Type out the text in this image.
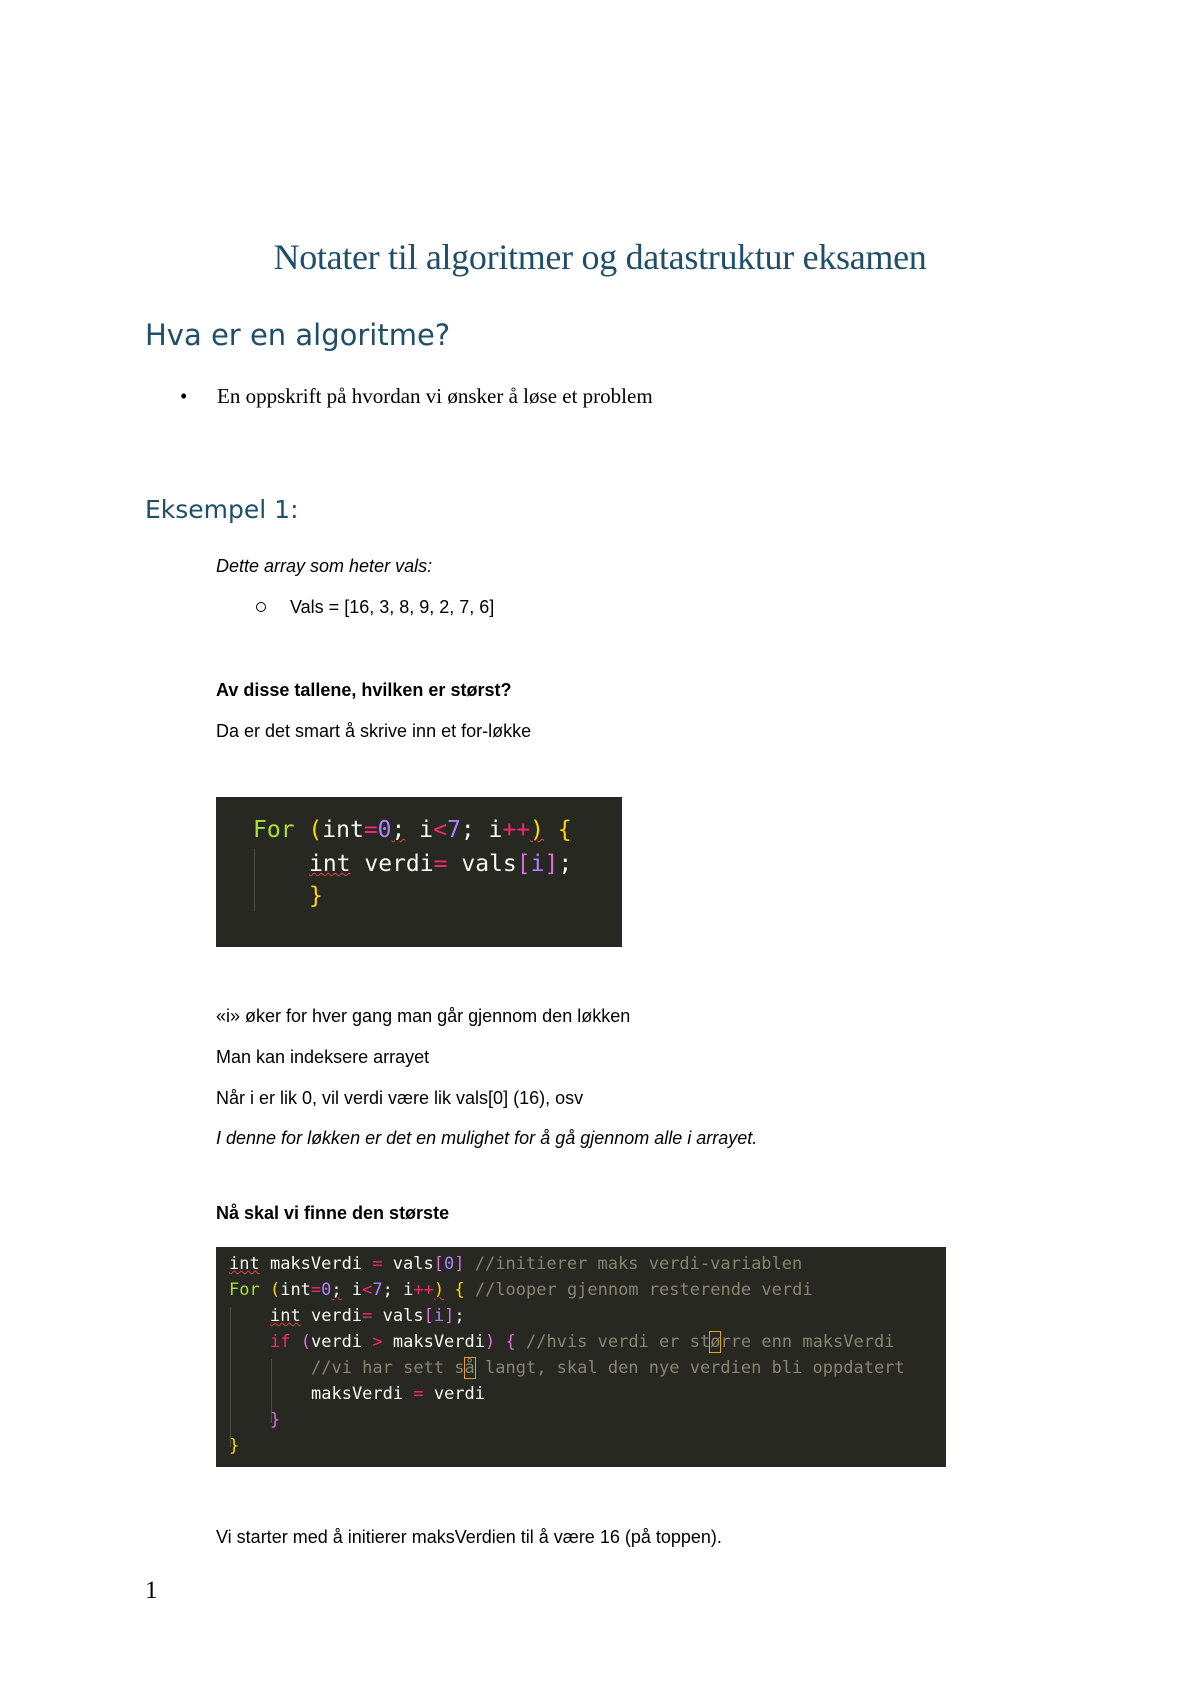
Notater til algoritmer og datastruktur eksamen
Hva er en algoritme?
• En oppskrift på hvordan vi ønsker å løse et problem
Eksempel 1:
Dette array som heter vals:
Vals = [16, 3, 8, 9, 2, 7, 6]
Av disse tallene, hvilken er størst?
Da er det smart å skrive inn et for-løkke

For (int=0; i<7; i++) {

int verdi= vals[i];

}

«i» øker for hver gang man går gjennom den løkken
Man kan indeksere arrayet
Når i er lik 0, vil verdi være lik vals[0] (16), osv
I denne for løkken er det en mulighet for å gå gjennom alle i arrayet.
Nå skal vi finne den største

int maksVerdi = vals[0] //initierer maks verdi-variablen

For (int=0; i<7; i++) { //looper gjennom resterende verdi

int verdi= vals[i];

if (verdi > maksVerdi) { //hvis verdi er større enn maksVerdi

//vi har sett så langt, skal den nye verdien bli oppdatert

maksVerdi = verdi

}

}

Vi starter med å initierer maksVerdien til å være 16 (på toppen).
1
